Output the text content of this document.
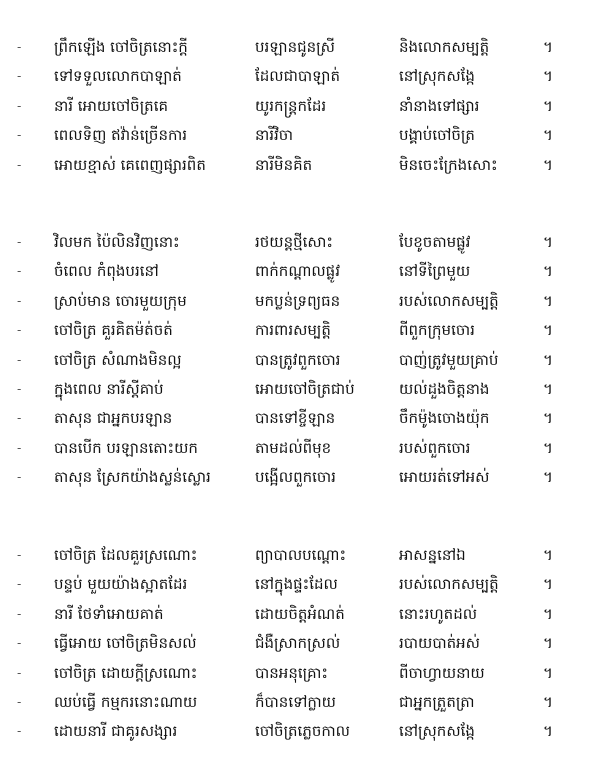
-	ព្រឹកឡើង ចៅចិត្រនោះក្ដី	បរឡានជូនស្រី	និងលោកសម្បត្តិ	។
-	ទៅទទួលលោកបាឡាត់	ដែលជាបាឡាត់	នៅស្រុកសង្កែ	។
-	នារី អោយចៅចិត្រគេ	យូរកន្ត្រកដែរ	នាំនាងទៅផ្សារ	។
-	ពេលទិញ ឥវ៉ាន់ច្រើនការ	នារីវិចា	បង្គាប់ចៅចិត្រ	។
-	អោយខ្មាស់ គេពេញផ្សារពិត	នារីមិនគិត	មិនចេះក្រែងសោះ	។
-	វិលមក ប៉ៃលិនវិញនោះ	រថយន្តថ្មីសោះ	បែខូចតាមផ្លូវ	។
-	ចំពេល កំពុងបរនៅ	ពាក់កណ្ដាលផ្លូវ	នៅទីព្រៃមួយ	។
-	ស្រាប់មាន ចោរមួយក្រុម	មកប្លន់ទ្រព្យធន	របស់លោកសម្បត្តិ	។
-	ចៅចិត្រ គួរគិតម៉ត់ចត់	ការពារសម្បត្តិ	ពីពួកក្រុមចោរ	។
-	ចៅចិត្រ សំណាងមិនល្អ	បានត្រូវពួកចោរ	បាញ់ត្រូវមួយគ្រាប់	។
-	ក្នុងពេល នារីស្ដីគាប់	អោយចៅចិត្រជាប់	យល់ដួងចិត្តនាង	។
-	តាសុន ជាអ្នកបរឡាន	បានទៅខ្ចីឡាន	ចឹកម៉ូងចោងយ៉ុក	។
-	បានបើក បរឡានតោះយក	តាមដល់ពីមុខ	របស់ពួកចោរ	។
-	តាសុន ស្រែកយ៉ាងស្លន់ស្លោរ	បង្អើលពួកចោរ	អោយរត់ទៅអស់	។
-	ចៅចិត្រ ដែលគួរស្រណោះ	ព្យាបាលបណ្ដោះ	អាសន្ននៅឯ	។
-	បន្ទប់ មួយយ៉ាងស្អាតដែរ	នៅក្នុងផ្ទះដែល	របស់លោកសម្បត្តិ	។
-	នារី ថែទាំអោយគាត់	ដោយចិត្តអំណត់	នោះរហូតដល់	។
-	ធ្វើអោយ ចៅចិត្រមិនសល់	ជំងឺស្រាកស្រល់	របាយបាត់អស់	។
-	ចៅចិត្រ ដោយក្ដីស្រណោះ	បានអនុគ្រោះ	ពីចាហ្វាយនាយ	។
-	ឈប់ធ្វើ កម្មករនោះណាយ	ក៏បានទៅក្លាយ	ជាអ្នកត្រួតត្រា	។
-	ដោយនារី ជាគូរសង្សារ	ចៅចិត្រភ្លេចកាល	នៅស្រុកសង្កែ	។
